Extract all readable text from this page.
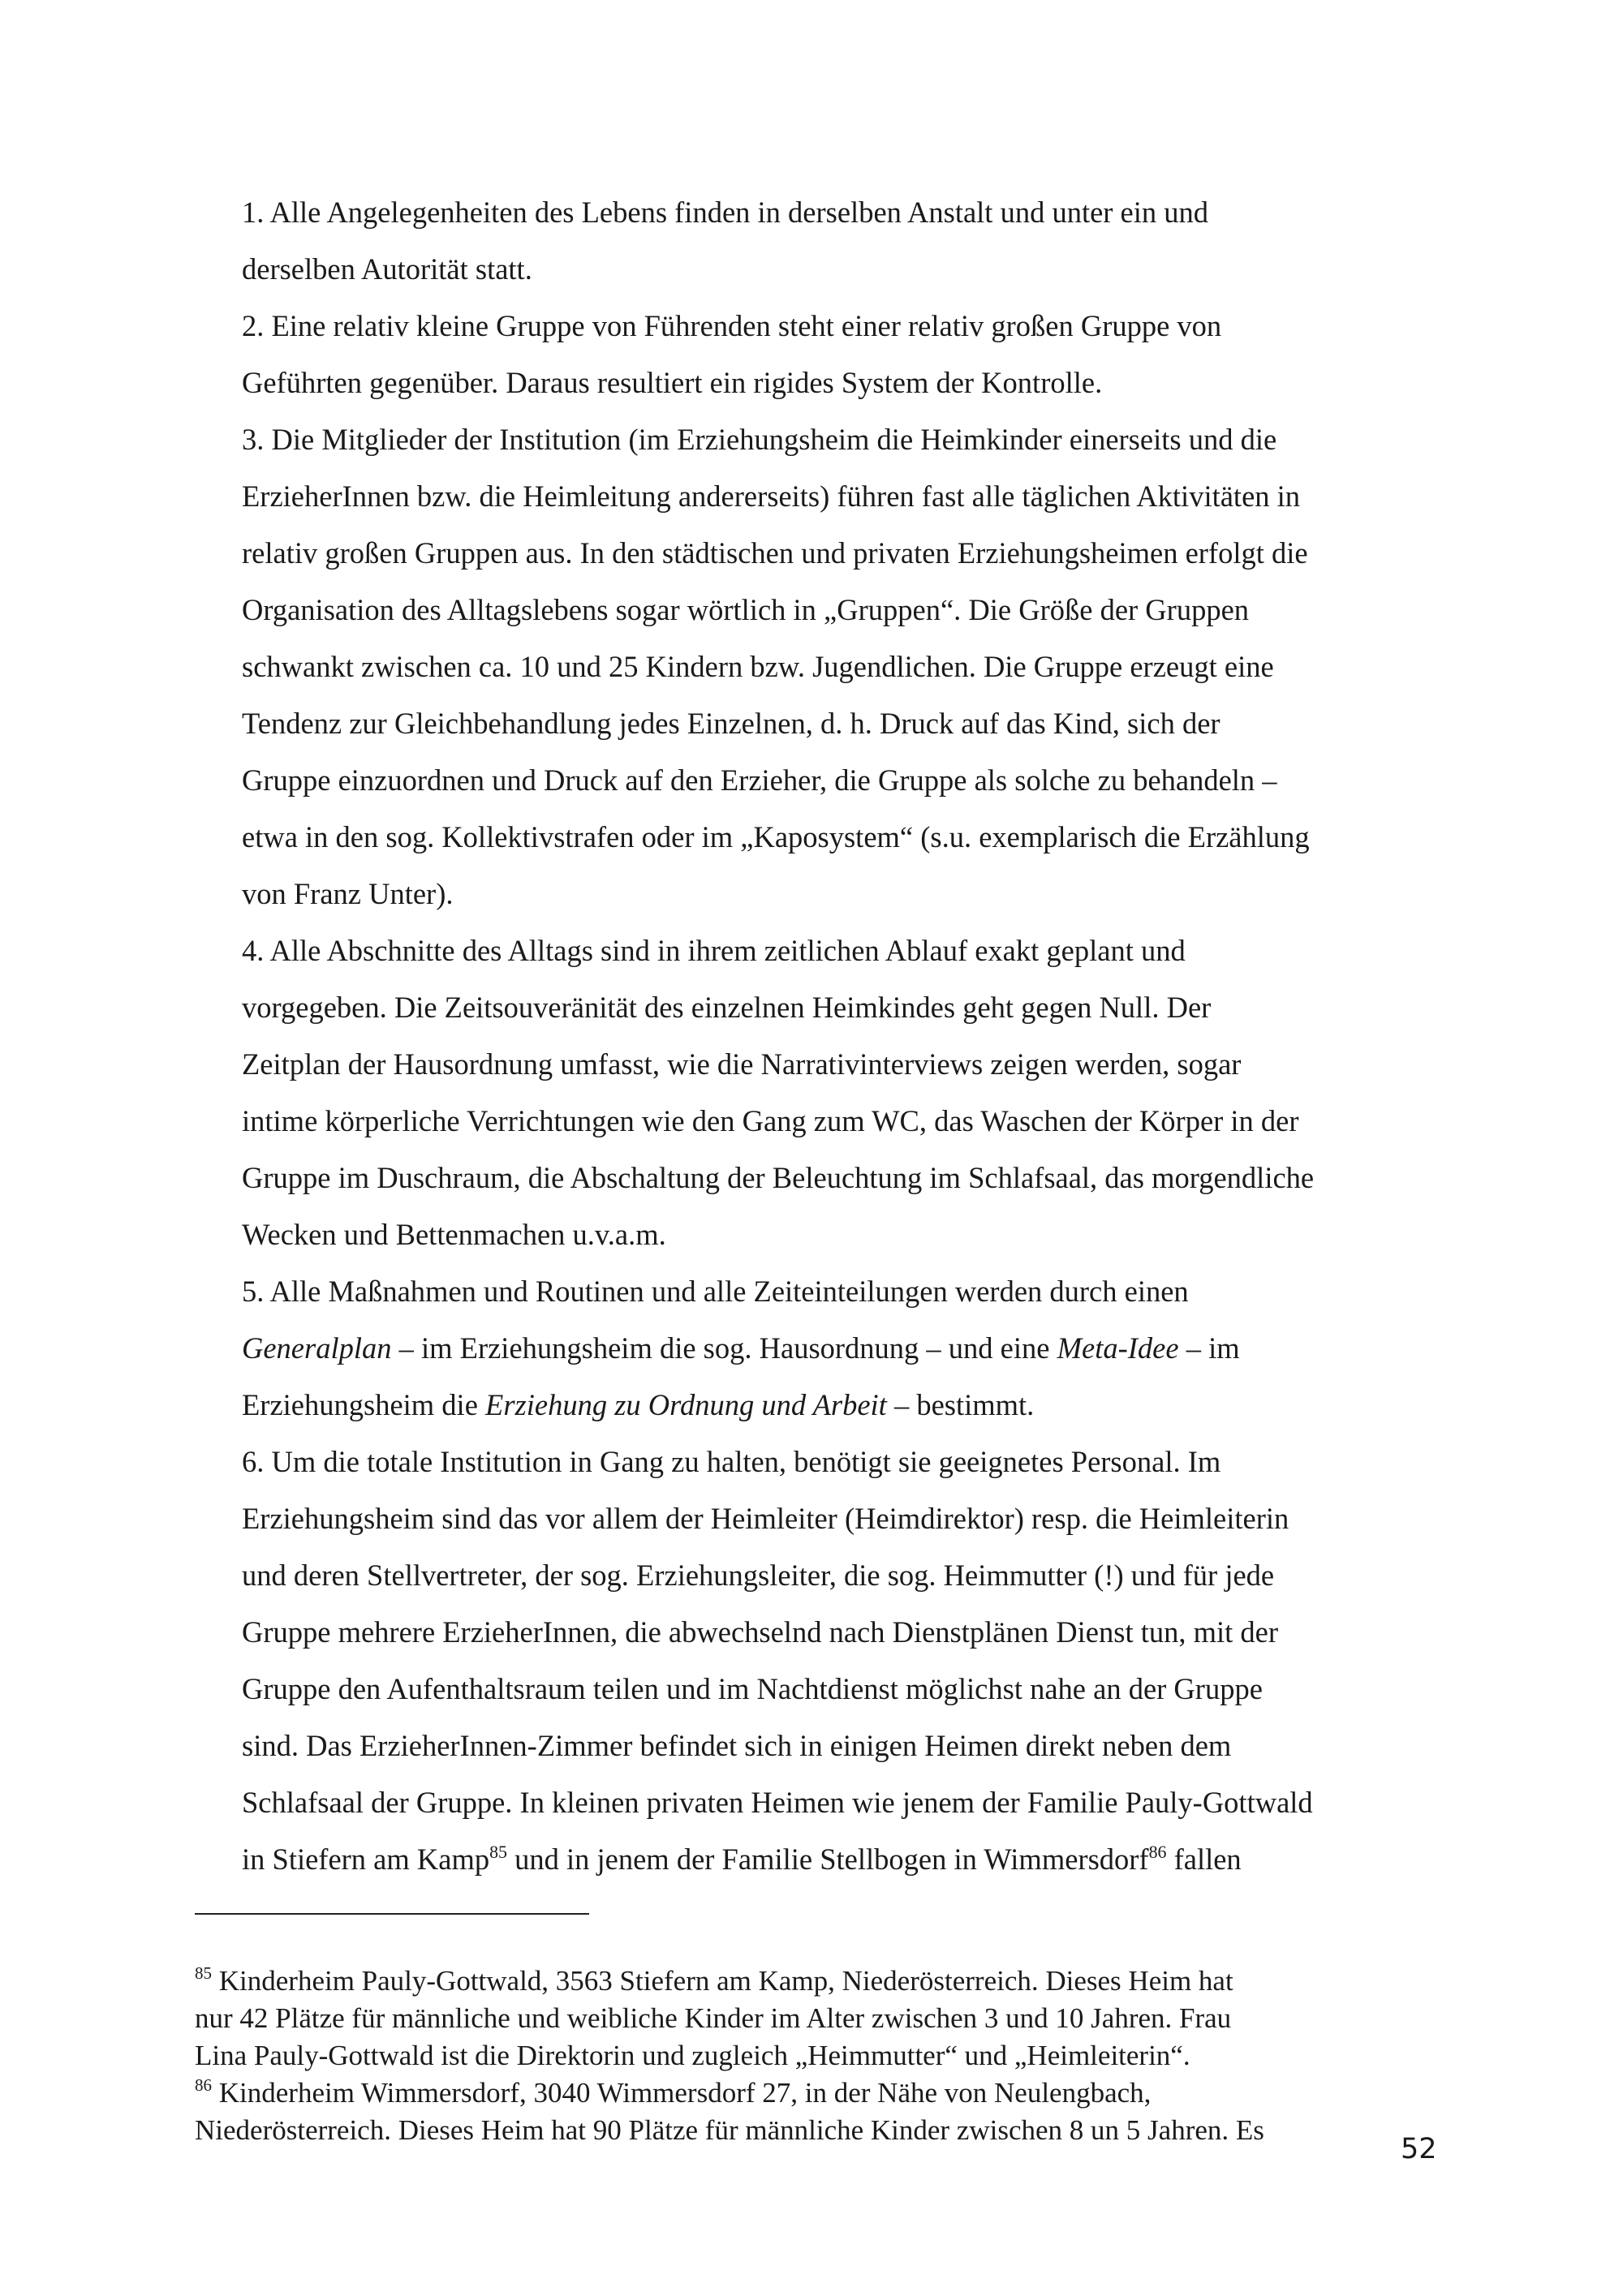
1. Alle Angelegenheiten des Lebens finden in derselben Anstalt und unter ein und
derselben Autorität statt.
2. Eine relativ kleine Gruppe von Führenden steht einer relativ großen Gruppe von
Geführten gegenüber. Daraus resultiert ein rigides System der Kontrolle.
3. Die Mitglieder der Institution (im Erziehungsheim die Heimkinder einerseits und die
ErzieherInnen bzw. die Heimleitung andererseits) führen fast alle täglichen Aktivitäten in
relativ großen Gruppen aus. In den städtischen und privaten Erziehungsheimen erfolgt die
Organisation des Alltagslebens sogar wörtlich in „Gruppen“. Die Größe der Gruppen
schwankt zwischen ca. 10 und 25 Kindern bzw. Jugendlichen. Die Gruppe erzeugt eine
Tendenz zur Gleichbehandlung jedes Einzelnen, d. h. Druck auf das Kind, sich der
Gruppe einzuordnen und Druck auf den Erzieher, die Gruppe als solche zu behandeln –
etwa in den sog. Kollektivstrafen oder im „Kaposystem“ (s.u. exemplarisch die Erzählung
von Franz Unter).
4. Alle Abschnitte des Alltags sind in ihrem zeitlichen Ablauf exakt geplant und
vorgegeben. Die Zeitsouveränität des einzelnen Heimkindes geht gegen Null. Der
Zeitplan der Hausordnung umfasst, wie die Narrativinterviews zeigen werden, sogar
intime körperliche Verrichtungen wie den Gang zum WC, das Waschen der Körper in der
Gruppe im Duschraum, die Abschaltung der Beleuchtung im Schlafsaal, das morgendliche
Wecken und Bettenmachen u.v.a.m.
5. Alle Maßnahmen und Routinen und alle Zeiteinteilungen werden durch einen
Generalplan – im Erziehungsheim die sog. Hausordnung – und eine Meta-Idee – im
Erziehungsheim die Erziehung zu Ordnung und Arbeit – bestimmt.
6. Um die totale Institution in Gang zu halten, benötigt sie geeignetes Personal. Im
Erziehungsheim sind das vor allem der Heimleiter (Heimdirektor) resp. die Heimleiterin
und deren Stellvertreter, der sog. Erziehungsleiter, die sog. Heimmutter (!) und für jede
Gruppe mehrere ErzieherInnen, die abwechselnd nach Dienstplänen Dienst tun, mit der
Gruppe den Aufenthaltsraum teilen und im Nachtdienst möglichst nahe an der Gruppe
sind. Das ErzieherInnen-Zimmer befindet sich in einigen Heimen direkt neben dem
Schlafsaal der Gruppe. In kleinen privaten Heimen wie jenem der Familie Pauly-Gottwald
in Stiefern am Kamp$^{85}$ und in jenem der Familie Stellbogen in Wimmersdorf$^{86}$ fallen
$^{85}$ Kinderheim Pauly-Gottwald, 3563 Stiefern am Kamp, Niederösterreich. Dieses Heim hat
nur 42 Plätze für männliche und weibliche Kinder im Alter zwischen 3 und 10 Jahren. Frau
Lina Pauly-Gottwald ist die Direktorin und zugleich „Heimmutter“ und „Heimleiterin“.
$^{86}$ Kinderheim Wimmersdorf, 3040 Wimmersdorf 27, in der Nähe von Neulengbach,
Niederösterreich. Dieses Heim hat 90 Plätze für männliche Kinder zwischen 8 un 5 Jahren. Es
52
